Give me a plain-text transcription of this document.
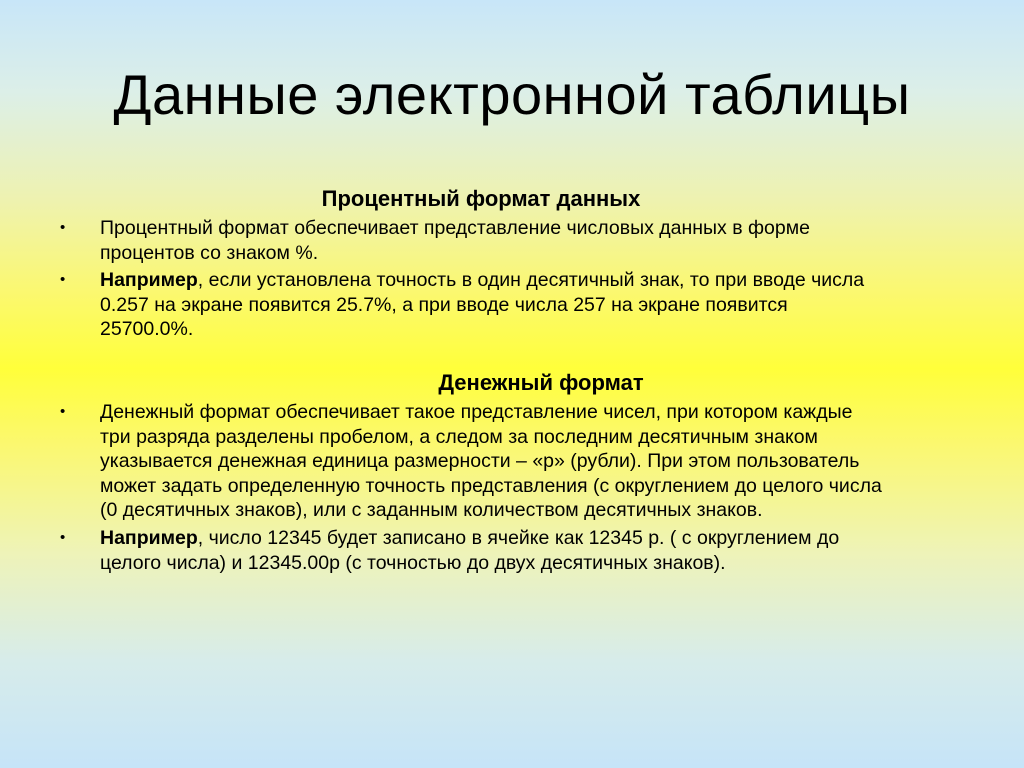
Данные электронной таблицы
Процентный формат данных
• Процентный формат обеспечивает представление числовых данных в форме процентов со знаком %.
• Например, если установлена точность в один десятичный знак, то при вводе числа 0.257 на экране появится 25.7%, а при вводе числа 257 на экране появится 25700.0%.
Денежный формат
• Денежный формат обеспечивает такое представление чисел, при котором каждые три разряда разделены пробелом, а следом за последним десятичным знаком указывается денежная единица размерности – «р» (рубли). При этом пользователь может задать определенную точность представления (с округлением до целого числа (0 десятичных знаков), или с заданным количеством десятичных знаков.
• Например, число 12345 будет записано в ячейке как 12345 р. ( с округлением до целого числа) и 12345.00р (с точностью до двух десятичных знаков).
